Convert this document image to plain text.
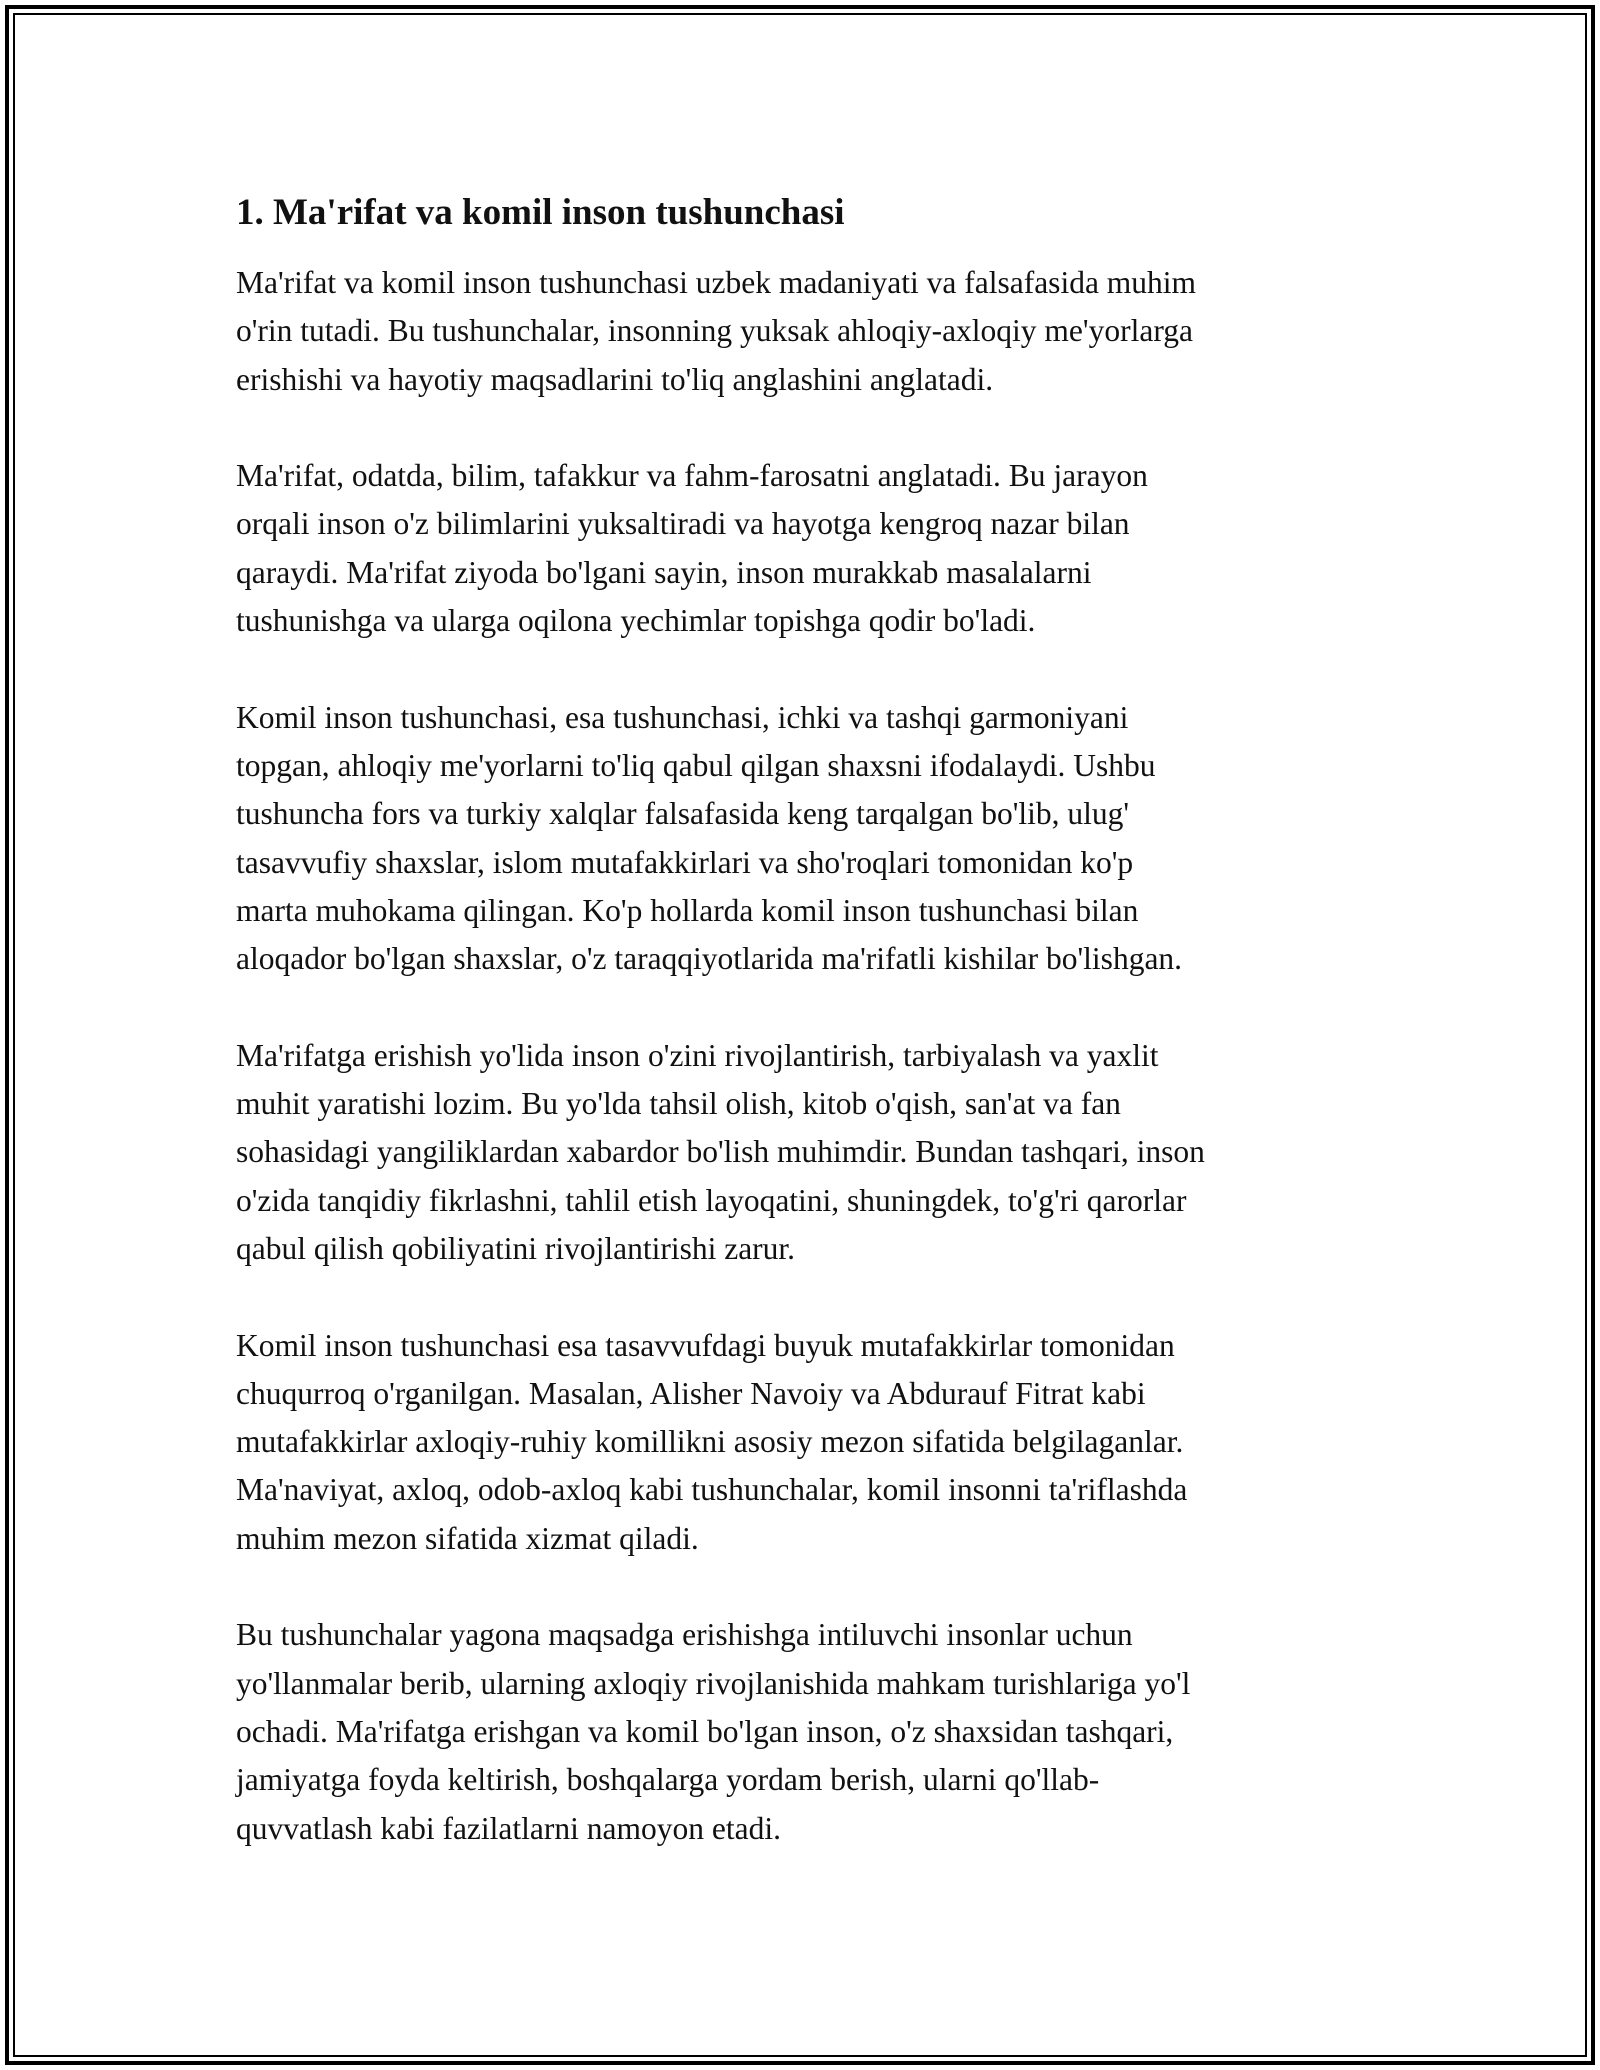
1. Ma'rifat va komil inson tushunchasi

Ma'rifat va komil inson tushunchasi uzbek madaniyati va falsafasida muhim
o'rin tutadi. Bu tushunchalar, insonning yuksak ahloqiy-axloqiy me'yorlarga
erishishi va hayotiy maqsadlarini to'liq anglashini anglatadi.

Ma'rifat, odatda, bilim, tafakkur va fahm-farosatni anglatadi. Bu jarayon
orqali inson o'z bilimlarini yuksaltiradi va hayotga kengroq nazar bilan
qaraydi. Ma'rifat ziyoda bo'lgani sayin, inson murakkab masalalarni
tushunishga va ularga oqilona yechimlar topishga qodir bo'ladi.

Komil inson tushunchasi, esa tushunchasi, ichki va tashqi garmoniyani
topgan, ahloqiy me'yorlarni to'liq qabul qilgan shaxsni ifodalaydi. Ushbu
tushuncha fors va turkiy xalqlar falsafasida keng tarqalgan bo'lib, ulug'
tasavvufiy shaxslar, islom mutafakkirlari va sho'roqlari tomonidan ko'p
marta muhokama qilingan. Ko'p hollarda komil inson tushunchasi bilan
aloqador bo'lgan shaxslar, o'z taraqqiyotlarida ma'rifatli kishilar bo'lishgan.

Ma'rifatga erishish yo'lida inson o'zini rivojlantirish, tarbiyalash va yaxlit
muhit yaratishi lozim. Bu yo'lda tahsil olish, kitob o'qish, san'at va fan
sohasidagi yangiliklardan xabardor bo'lish muhimdir. Bundan tashqari, inson
o'zida tanqidiy fikrlashni, tahlil etish layoqatini, shuningdek, to'g'ri qarorlar
qabul qilish qobiliyatini rivojlantirishi zarur.

Komil inson tushunchasi esa tasavvufdagi buyuk mutafakkirlar tomonidan
chuqurroq o'rganilgan. Masalan, Alisher Navoiy va Abdurauf Fitrat kabi
mutafakkirlar axloqiy-ruhiy komillikni asosiy mezon sifatida belgilaganlar.
Ma'naviyat, axloq, odob-axloq kabi tushunchalar, komil insonni ta'riflashda
muhim mezon sifatida xizmat qiladi.

Bu tushunchalar yagona maqsadga erishishga intiluvchi insonlar uchun
yo'llanmalar berib, ularning axloqiy rivojlanishida mahkam turishlariga yo'l
ochadi. Ma'rifatga erishgan va komil bo'lgan inson, o'z shaxsidan tashqari,
jamiyatga foyda keltirish, boshqalarga yordam berish, ularni qo'llab-
quvvatlash kabi fazilatlarni namoyon etadi.
